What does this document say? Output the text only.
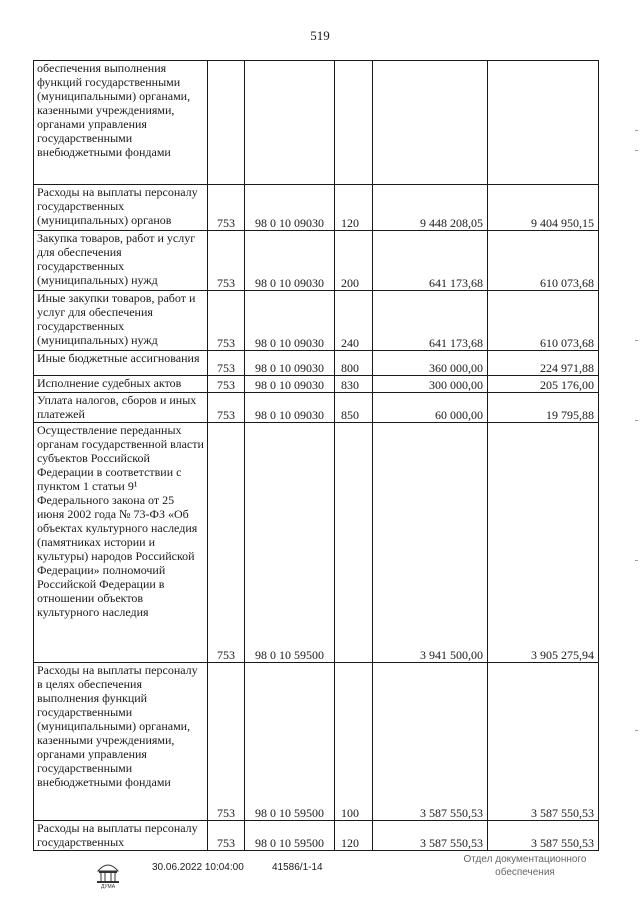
519
обеспечения выполнения функций государственными (муниципальными) органами, казенными учреждениями, органами управления государственными внебюджетными фондами					
Расходы на выплаты персоналу государственных (муниципальных) органов	753	98 0 10 09030	120	9 448 208,05	9 404 950,15
Закупка товаров, работ и услуг для обеспечения государственных (муниципальных) нужд	753	98 0 10 09030	200	641 173,68	610 073,68
Иные закупки товаров, работ и услуг для обеспечения государственных (муниципальных) нужд	753	98 0 10 09030	240	641 173,68	610 073,68
Иные бюджетные ассигнования	753	98 0 10 09030	800	360 000,00	224 971,88
Исполнение судебных актов	753	98 0 10 09030	830	300 000,00	205 176,00
Уплата налогов, сборов и иных платежей	753	98 0 10 09030	850	60 000,00	19 795,88
Осуществление переданных органам государственной власти субъектов Российской Федерации в соответствии с пунктом 1 статьи 9¹ Федерального закона от 25 июня 2002 года № 73-ФЗ «Об объектах культурного наследия (памятниках истории и культуры) народов Российской Федерации» полномочий Российской Федерации в отношении объектов культурного наследия	753	98 0 10 59500		3 941 500,00	3 905 275,94
Расходы на выплаты персоналу в целях обеспечения выполнения функций государственными (муниципальными) органами, казенными учреждениями, органами управления государственными внебюджетными фондами	753	98 0 10 59500	100	3 587 550,53	3 587 550,53
Расходы на выплаты персоналу государственных	753	98 0 10 59500	120	3 587 550,53	3 587 550,53
ДУМА
30.06.2022 10:04:00	41586/1-14
Отдел документационного обеспечения
